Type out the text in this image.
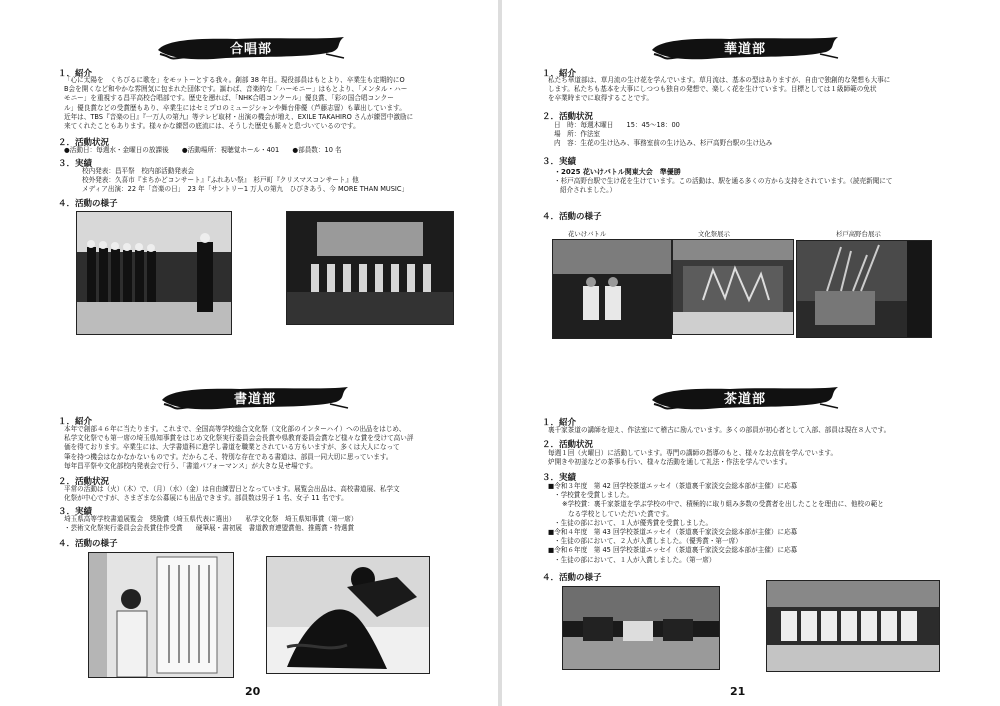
合唱部
１．紹介
「心に太陽を　くちびるに歌を」をモットーとする我々。創部 38 年目。現役部員はもとより、卒業生も定期的にO
B会を開くなど和やかな雰囲気に包まれた団体です。謳わば、音楽的な「ハーモニー」はもとより、「メンタル・ハー
モニー」を重視する昌平高校合唱部です。歴史を遡れば、「NHK合唱コンクール」優良賞、「彩の国合唱コンクー
ル」優良賞などの受賞歴もあり、卒業生にはセミプロのミュージシャンや舞台俳優（芦藤志留）も輩出しています。
近年は、TBS『音楽の日』『一万人の第九』等テレビ取材・出演の機会が増え、EXILE TAKAHIRO さんが練習中激励に
来てくれたこともあります。様々かな練習の底流には、そうした歴史も脈々と息づいているのです。
２．活動状況
●活動日：毎週水・金曜日の放課後　　●活動場所：視聴覚ホール・401　　●部員数：10 名
３．実績
校内発表：昌平祭　校内部活動発表会
校外発表：久喜市『まちかどコンサート』『ふれあい祭』　杉戸町『クリスマスコンサート』他
メディア出演：22 年「音楽の日」　23 年「サントリー1 万人の第九　ひびきあう、今 MORE THAN MUSIC」
４．活動の様子
書道部
１．紹介
本年で創部４６年に当たります。これまで、全国高等学校総合文化祭（文化部のインターハイ）への出品をはじめ、
私学文化祭でも第一席の埼玉県知事賞をはじめ文化祭実行委員会会長賞や県教育委員会賞など様々な賞を受けて高い評
価を得ております。卒業生には、大学書道科に進学し書道を職業とされている方もいますが、多くは大人になって
筆を持つ機会はなかなかないものです。だからこそ、特別な存在である書道は、部員一同大切に思っています。
毎年昌平祭や文化部校内発表会で行う、「書道パフォーマンス」が大きな見せ場です。
２．活動状況
平常の活動は（火）（木）で、（月）（水）（金）は自由練習日となっています。展覧会出品は、高校書道展、私学文
化祭が中心ですが、さまざまな公募展にも出品できます。部員数は男子 1 名、女子 11 名です。
３．実績
埼玉県高等学校書道展覧会　奨励賞（埼玉県代表に選出）　　私学文化祭　埼玉県知事賞（第一席）
・芸術文化祭実行委員会会長賞佳作受賞　　硬筆展・書初展　書道教育連盟賞他、推薦賞・特選賞
４．活動の様子
20
華道部
１．紹介
私たち華道部は、草月流の生け花を学んでいます。草月流は、基本の型はありますが、自由で独創的な発想も大事に
します。私たちも基本を大事にしつつも独自の発想で、楽しく花を生けています。目標としては１級師範の免状
を卒業時までに取得することです。
２．活動状況
日　時：毎週木曜日　　15：45～18：00
場　所：作法室
内　容：生花の生け込み、事務室前の生け込み、杉戸高野台駅の生け込み
３．実績
・2025 花いけバトル関東大会　準優勝
・杉戸高野台駅で生け花を生けています。この活動は、駅を通る多くの方から支持をされています。（読売新聞にて
紹介されました。）
４．活動の様子
花いけバトル	文化祭展示	杉戸高野台展示
茶道部
１．紹介
裏千家茶道の講師を迎え、作法室にて稽古に励んでいます。多くの部員が初心者として入部、部員は現在８人です。
２．活動状況
毎週１回（火曜日）に活動しています。専門の講師の指導のもと、様々なお点前を学んでいます。
炉開きや初釜などの茶事も行い、様々な活動を通して礼法・作法を学んでいます。
３．実績
■令和３年度　第 42 回学校茶道エッセイ（茶道裏千家淡交会総本部が主催）に応募
・学校賞を受賞しました。
※学校賞：裏千家茶道を学ぶ学校の中で、積極的に取り組み多数の受賞者を出したことを理由に、他校の範と
なる学校としていただいた賞です。
・生徒の部において、１人が優秀賞を受賞しました。
■令和４年度　第 43 回学校茶道エッセイ（茶道裏千家淡交会総本部が主催）に応募
・生徒の部において、２人が入賞しました。（優秀賞・第一席）
■令和６年度　第 45 回学校茶道エッセイ（茶道裏千家淡交会総本部が主催）に応募
・生徒の部において、１人が入賞しました。（第一席）
４．活動の様子
21
